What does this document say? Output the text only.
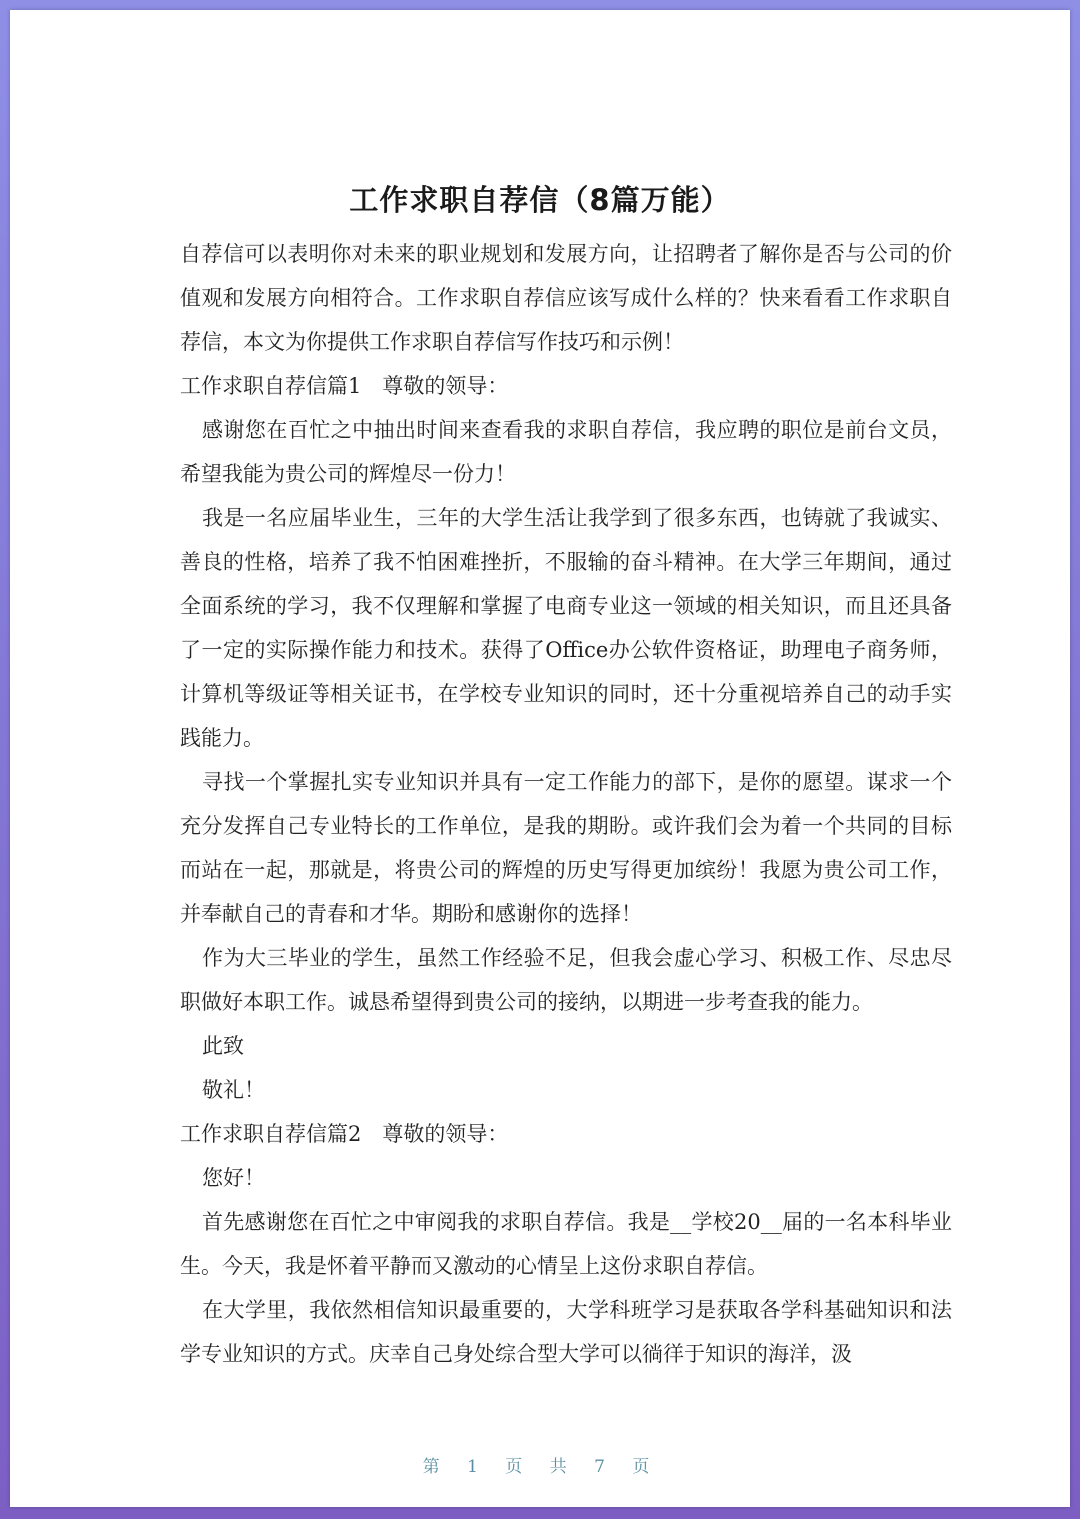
工作求职自荐信（8篇万能）

自荐信可以表明你对未来的职业规划和发展方向，让招聘者了解你是否与公司的价值观和发展方向相符合。工作求职自荐信应该写成什么样的？快来看看工作求职自荐信，本文为你提供工作求职自荐信写作技巧和示例！

工作求职自荐信篇1　尊敬的领导：

感谢您在百忙之中抽出时间来查看我的求职自荐信，我应聘的职位是前台文员，希望我能为贵公司的辉煌尽一份力！

我是一名应届毕业生，三年的大学生活让我学到了很多东西，也铸就了我诚实、善良的性格，培养了我不怕困难挫折，不服输的奋斗精神。在大学三年期间，通过全面系统的学习，我不仅理解和掌握了电商专业这一领域的相关知识，而且还具备了一定的实际操作能力和技术。获得了Office办公软件资格证，助理电子商务师，计算机等级证等相关证书，在学校专业知识的同时，还十分重视培养自己的动手实践能力。

寻找一个掌握扎实专业知识并具有一定工作能力的部下，是你的愿望。谋求一个充分发挥自己专业特长的工作单位，是我的期盼。或许我们会为着一个共同的目标而站在一起，那就是，将贵公司的辉煌的历史写得更加缤纷！我愿为贵公司工作，并奉献自己的青春和才华。期盼和感谢你的选择！

作为大三毕业的学生，虽然工作经验不足，但我会虚心学习、积极工作、尽忠尽职做好本职工作。诚恳希望得到贵公司的接纳，以期进一步考查我的能力。

此致

敬礼！

工作求职自荐信篇2　尊敬的领导：

您好！

首先感谢您在百忙之中审阅我的求职自荐信。我是__学校20__届的一名本科毕业生。今天，我是怀着平静而又激动的心情呈上这份求职自荐信。

在大学里，我依然相信知识最重要的，大学科班学习是获取各学科基础知识和法学专业知识的方式。庆幸自己身处综合型大学可以徜徉于知识的海洋，汲

第 1 页 共 7 页
